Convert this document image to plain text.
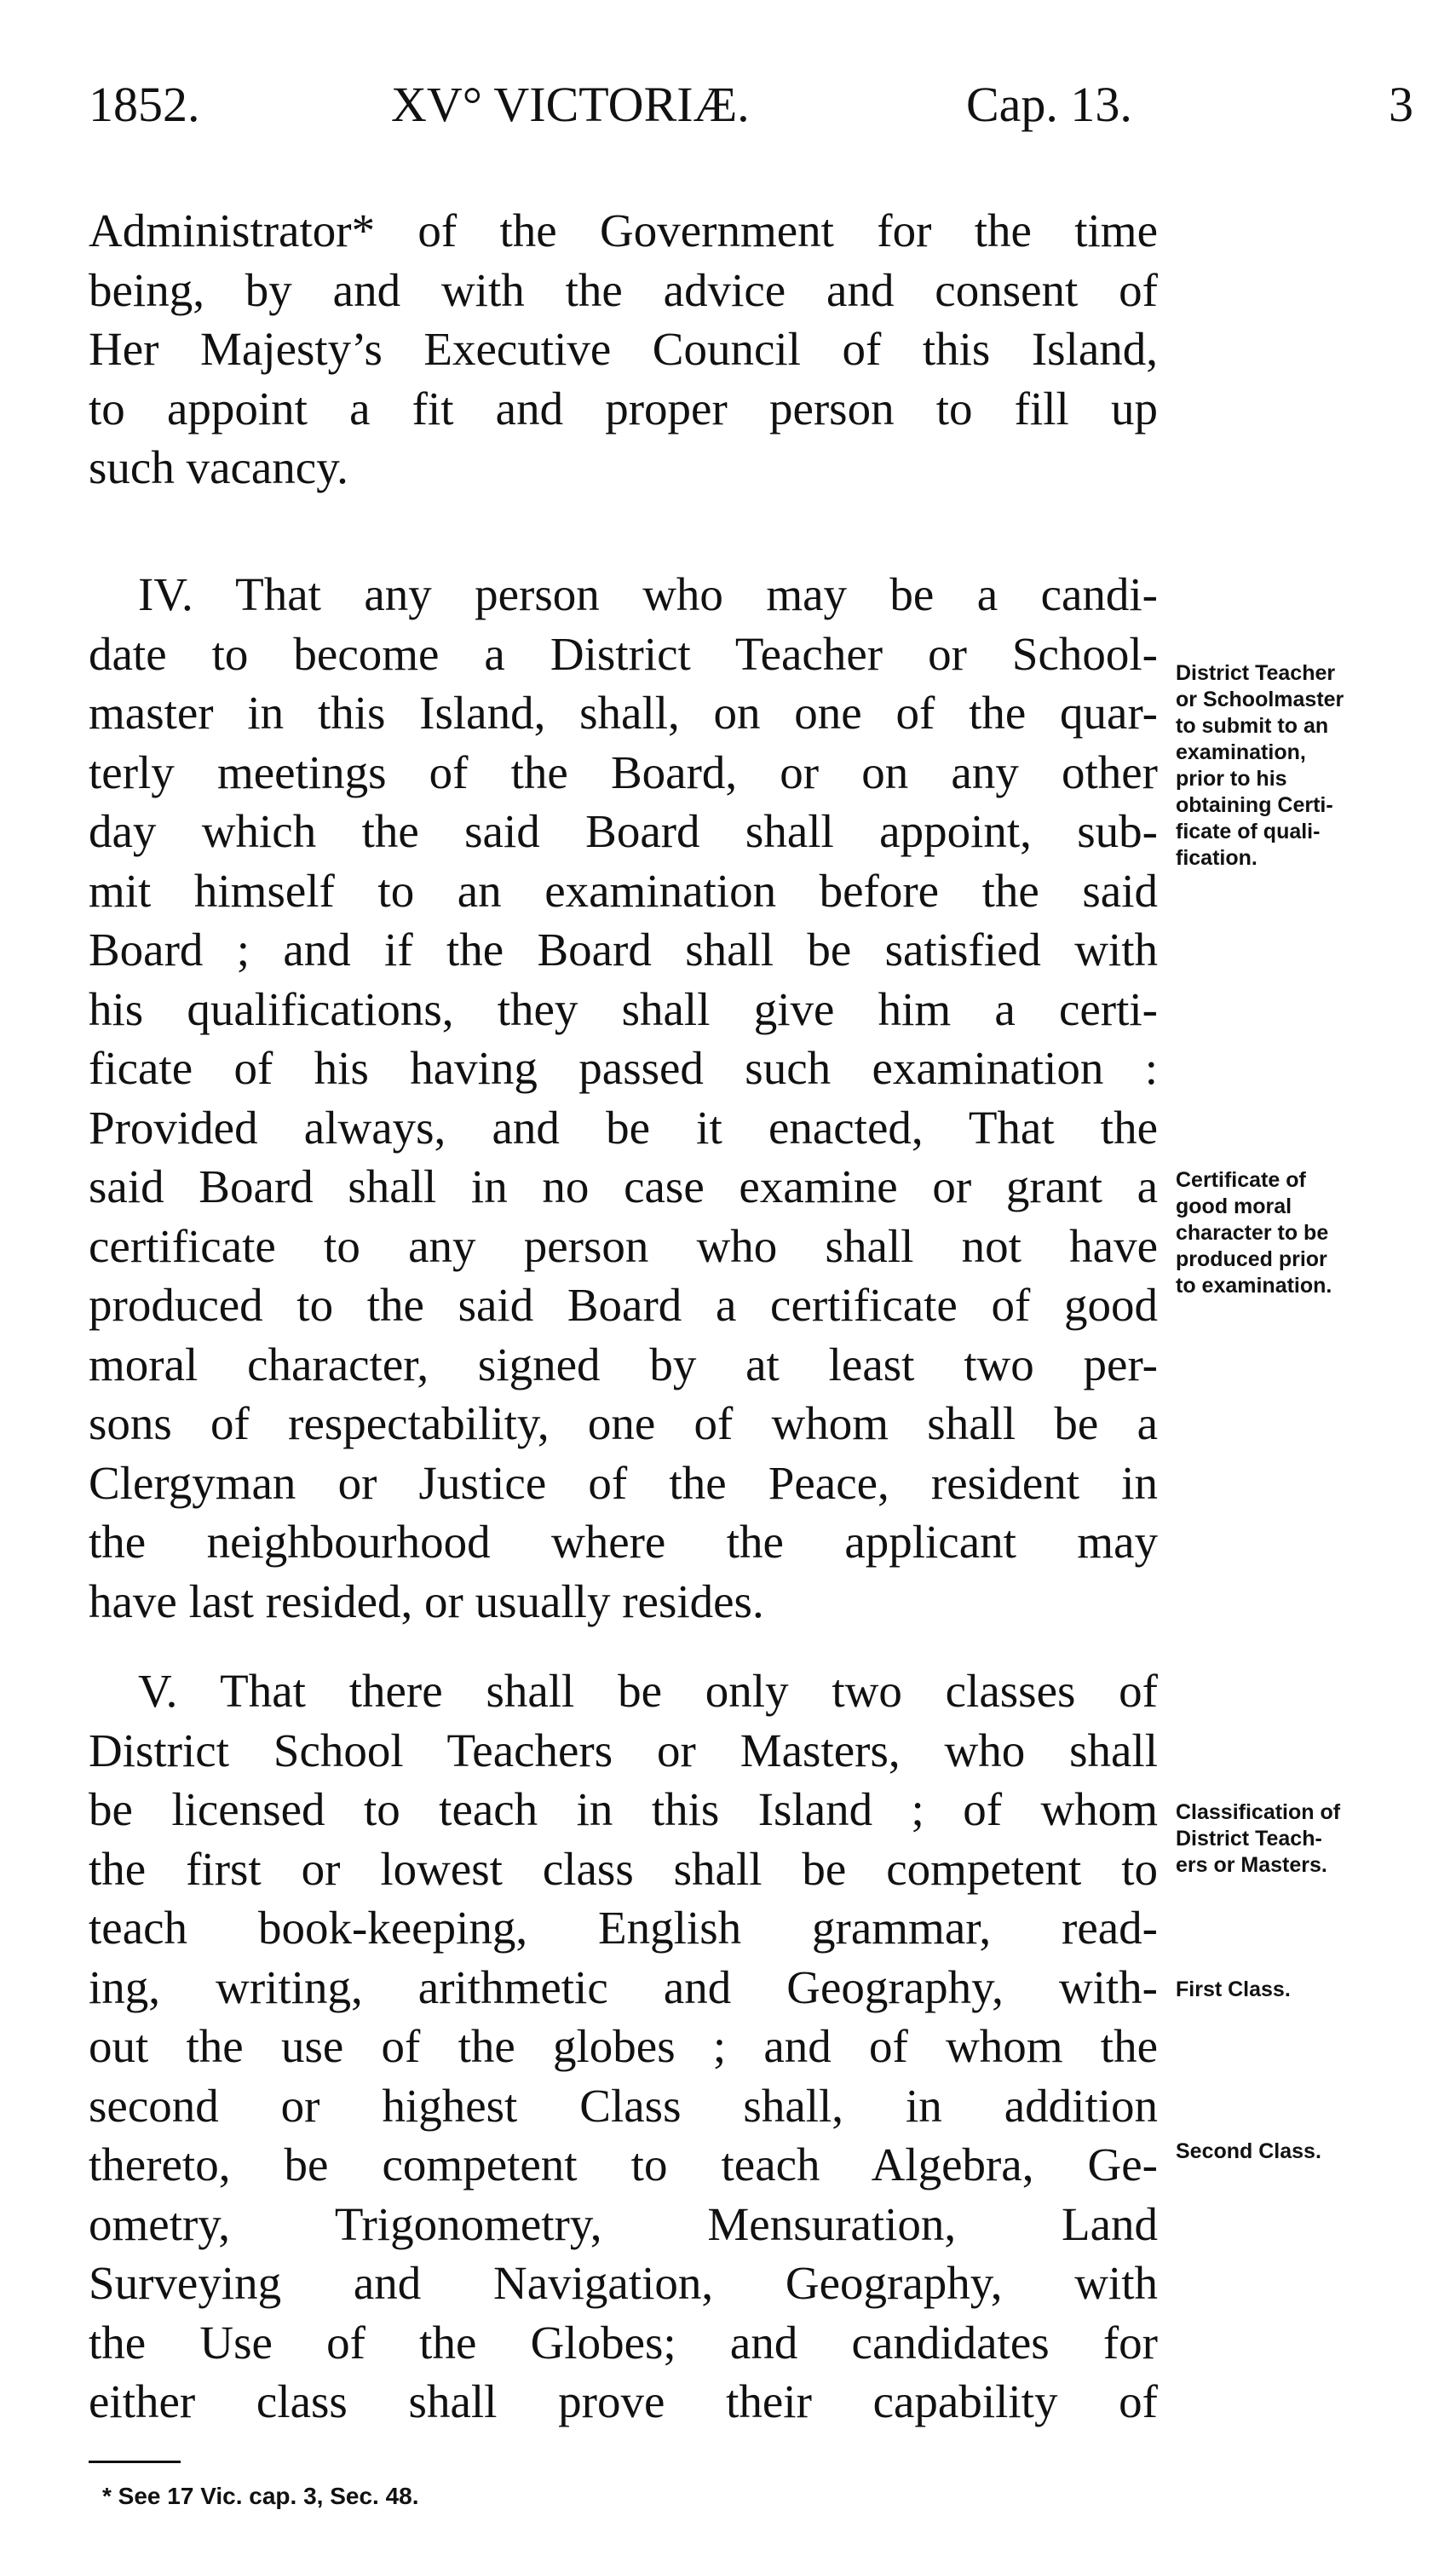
1852.	XV° VICTORIÆ.	Cap. 13.	3
Administrator* of the Government for the time
being, by and with the advice and consent of
Her Majesty’s Executive Council of this Island,
to appoint a fit and proper person to fill up
such vacancy.
IV. That any person who may be a candi-
date to become a District Teacher or School-
master in this Island, shall, on one of the quar-
terly meetings of the Board, or on any other
day which the said Board shall appoint, sub-
mit himself to an examination before the said
Board ; and if the Board shall be satisfied with
his qualifications, they shall give him a certi-
ficate of his having passed such examination :
Provided always, and be it enacted, That the
said Board shall in no case examine or grant a
certificate to any person who shall not have
produced to the said Board a certificate of good
moral character, signed by at least two per-
sons of respectability, one of whom shall be a
Clergyman or Justice of the Peace, resident in
the neighbourhood where the applicant may
have last resided, or usually resides.
V. That there shall be only two classes of
District School Teachers or Masters, who shall
be licensed to teach in this Island ; of whom
the first or lowest class shall be competent to
teach book-keeping, English grammar, read-
ing, writing, arithmetic and Geography, with-
out the use of the globes ; and of whom the
second or highest Class shall, in addition
thereto, be competent to teach Algebra, Ge-
ometry, Trigonometry, Mensuration, Land
Surveying and Navigation, Geography, with
the Use of the Globes; and candidates for
either class shall prove their capability of
District Teacher
or Schoolmaster
to submit to an
examination,
prior to his
obtaining Certi-
ficate of quali-
fication.
Certificate of
good moral
character to be
produced prior
to examination.
Classification of
District Teach-
ers or Masters.
First Class.
Second Class.
* See 17 Vic. cap. 3, Sec. 48.
